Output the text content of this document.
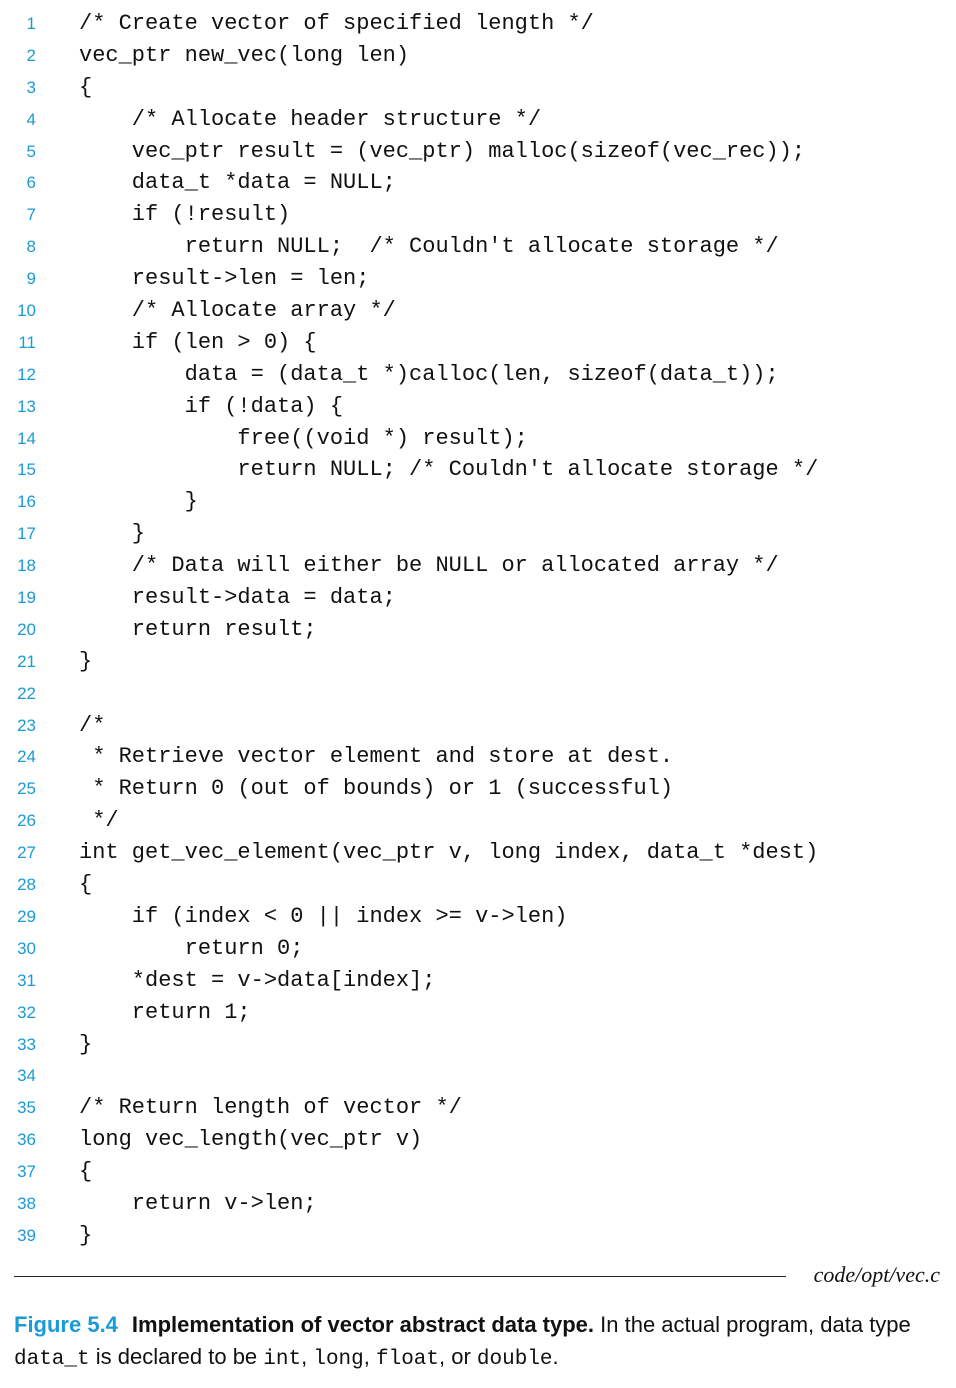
1 /* Create vector of specified length */
2 vec_ptr new_vec(long len)
3 {
4 /* Allocate header structure */
5 vec_ptr result = (vec_ptr) malloc(sizeof(vec_rec));
6 data_t *data = NULL;
7 if (!result)
8 return NULL;  /* Couldn't allocate storage */
9 result->len = len;
10 /* Allocate array */
11 if (len > 0) {
12 data = (data_t *)calloc(len, sizeof(data_t));
13 if (!data) {
14 free((void *) result);
15 return NULL; /* Couldn't allocate storage */
16 }
17 }
18 /* Data will either be NULL or allocated array */
19 result->data = data;
20 return result;
21 }
22
23 /*
24 * Retrieve vector element and store at dest.
25 * Return 0 (out of bounds) or 1 (successful)
26 */
27 int get_vec_element(vec_ptr v, long index, data_t *dest)
28 {
29 if (index < 0 || index >= v->len)
30 return 0;
31 *dest = v->data[index];
32 return 1;
33 }
34
35 /* Return length of vector */
36 long vec_length(vec_ptr v)
37 {
38 return v->len;
39 }
code/opt/vec.c
Figure 5.4 Implementation of vector abstract data type. In the actual program, data type data_t is declared to be int, long, float, or double.
